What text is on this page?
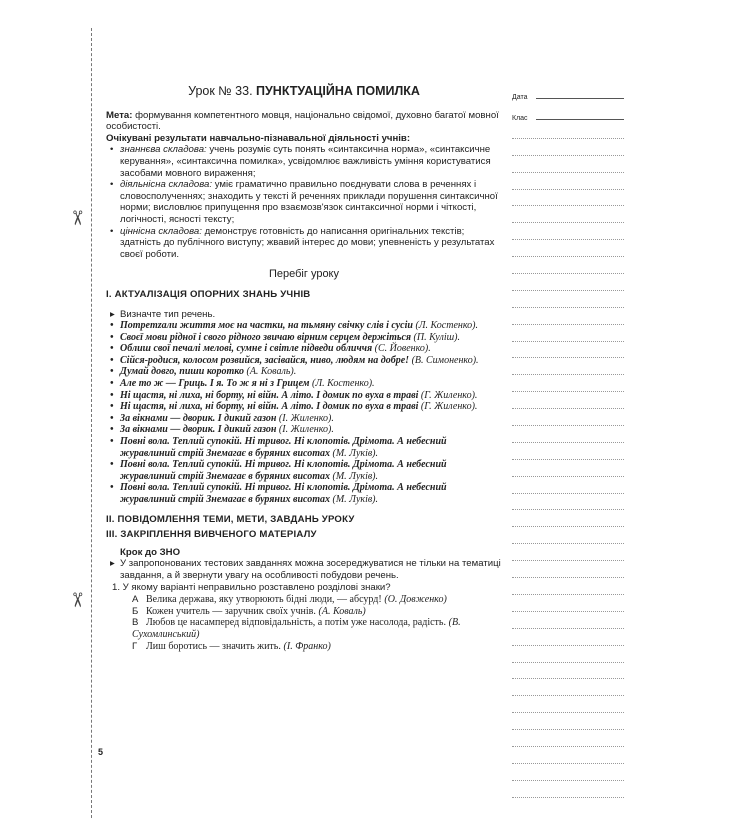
✂
✂
Урок № 33. ПУНКТУАЦІЙНА ПОМИЛКА

Мета: формування компетентного мовця, національно свідомої, духовно багатої мовної особистості.

Очікувані результати навчально-пізнавальної діяльності учнів:

• знаннєва складова: учень розуміє суть понять «синтаксична норма», «синтаксичне керування», «синтаксична помилка», усвідомлює важливість уміння користуватися засобами мовного вираження;
• діяльнісна складова: уміє граматично правильно поєднувати слова в реченнях і словосполученнях; знаходить у тексті й реченнях приклади порушення синтаксичної норми; висловлює припущення про взаємозв'язок синтаксичної норми і чіткості, логічності, ясності тексту;
• ціннісна складова: демонструє готовність до написання оригінальних текстів; здатність до публічного виступу; жвавий інтерес до мови; упевненість у результатах своєї роботи.
Перебіг уроку
І. АКТУАЛІЗАЦІЯ ОПОРНИХ ЗНАНЬ УЧНІВ
▸ Визначте тип речень.
• Потрemzали життя моє на частки, на тьмяну свічку слів і сусіи (Л. Костенко).
• Своєї мови рідної і свого рідного звичаю вірним серцем держіться (П. Куліш).
• Облиш свої печалі мелові, сумне і світле підведи обличчя (С. Йовенко).
• Сійся-родися, колосом розвийся, засівайся, нивo, людям на добре! (В. Симоненко).
• Думай довго, пиши коротко (А. Коваль).
• Але то ж — Гриць. І я. То ж я ні з Грицем (Л. Костенко).
• Ні щастя, ні лиха, ні борту, ні війн. А літо. І домик по вуха в траві (Г. Жиленко).
• Ні щастя, ні лиха, ні борту, ні війн. А літо. І домик по вуха в траві (Г. Жиленко).
• За вікнами — дворик. І дикий газон (І. Жиленко).
• За вікнами — дворик. І дикий газон (І. Жиленко).
• Повні вола. Теплий супокій. Ні тривог. Ні клопотів. Дрімота. А небесний журавлиний стрій Знемагає в буряних висотах (М. Луків).
• Повні вола. Теплий супокій. Ні тривог. Ні клопотів. Дрімота. А небесний журавлиний стрій Знемагає в буряних висотах (М. Луків).
• Повні вола. Теплий супокій. Ні тривог. Ні клопотів. Дрімота. А небесний журавлиний стрій Знемагає в буряних висотах (М. Луків).
ІІ. ПОВІДОМЛЕННЯ ТЕМИ, МЕТИ, ЗАВДАНЬ УРОКУ
ІІІ. ЗАКРІПЛЕННЯ ВИВЧЕНОГО МАТЕРІАЛУ

Крок до ЗНО

▸ У запропонованих тестових завданнях можна зосереджуватися не тільки на тематиці завдання, а й звернути увагу на особливості побудови речень.

1. У якому варіанті неправильно розставлено розділові знаки?

А Велика держава, яку утворюють бідні люди, — абсурд! (О. Довженко)
Б Кожен учитель — заручник своїх учнів. (А. Коваль)
В Любов це насамперед відповідальність, а потім уже насолода, радість. (В. Сухомлинський)
Г Лиш боротись — значить жить. (І. Франко)
Дата
Клас
5
